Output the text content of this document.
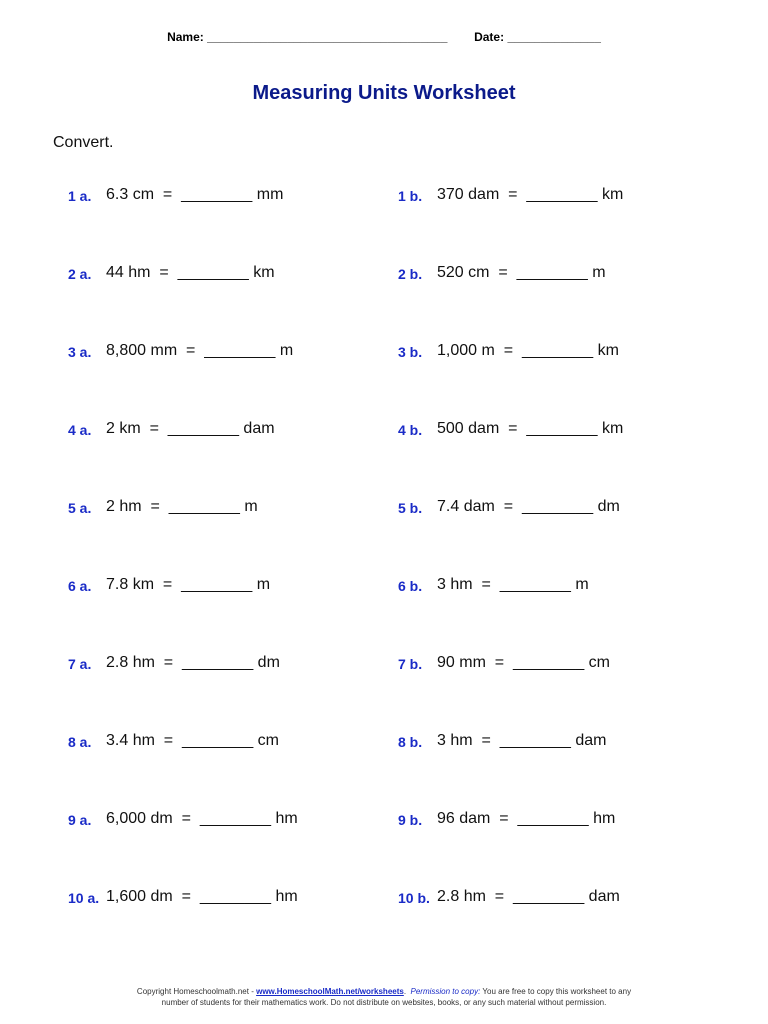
Name: ____________________________________ Date: ______________
Measuring Units Worksheet
Convert.
1 a. 6.3 cm  =  ________ mm	1 b. 370 dam  =  ________ km
2 a. 44 hm  =  ________ km	2 b. 520 cm  =  ________ m
3 a. 8,800 mm  =  ________ m	3 b. 1,000 m  =  ________ km
4 a. 2 km  =  ________ dam	4 b. 500 dam  =  ________ km
5 a. 2 hm  =  ________ m	5 b. 7.4 dam  =  ________ dm
6 a. 7.8 km  =  ________ m	6 b. 3 hm  =  ________ m
7 a. 2.8 hm  =  ________ dm	7 b. 90 mm  =  ________ cm
8 a. 3.4 hm  =  ________ cm	8 b. 3 hm  =  ________ dam
9 a. 6,000 dm  =  ________ hm	9 b. 96 dam  =  ________ hm
10 a. 1,600 dm  =  ________ hm	10 b. 2.8 hm  =  ________ dam
Copyright Homeschoolmath.net - www.HomeschoolMath.net/worksheets.  Permission to copy: You are free to copy this worksheet to any
number of students for their mathematics work. Do not distribute on websites, books, or any such material without permission.
